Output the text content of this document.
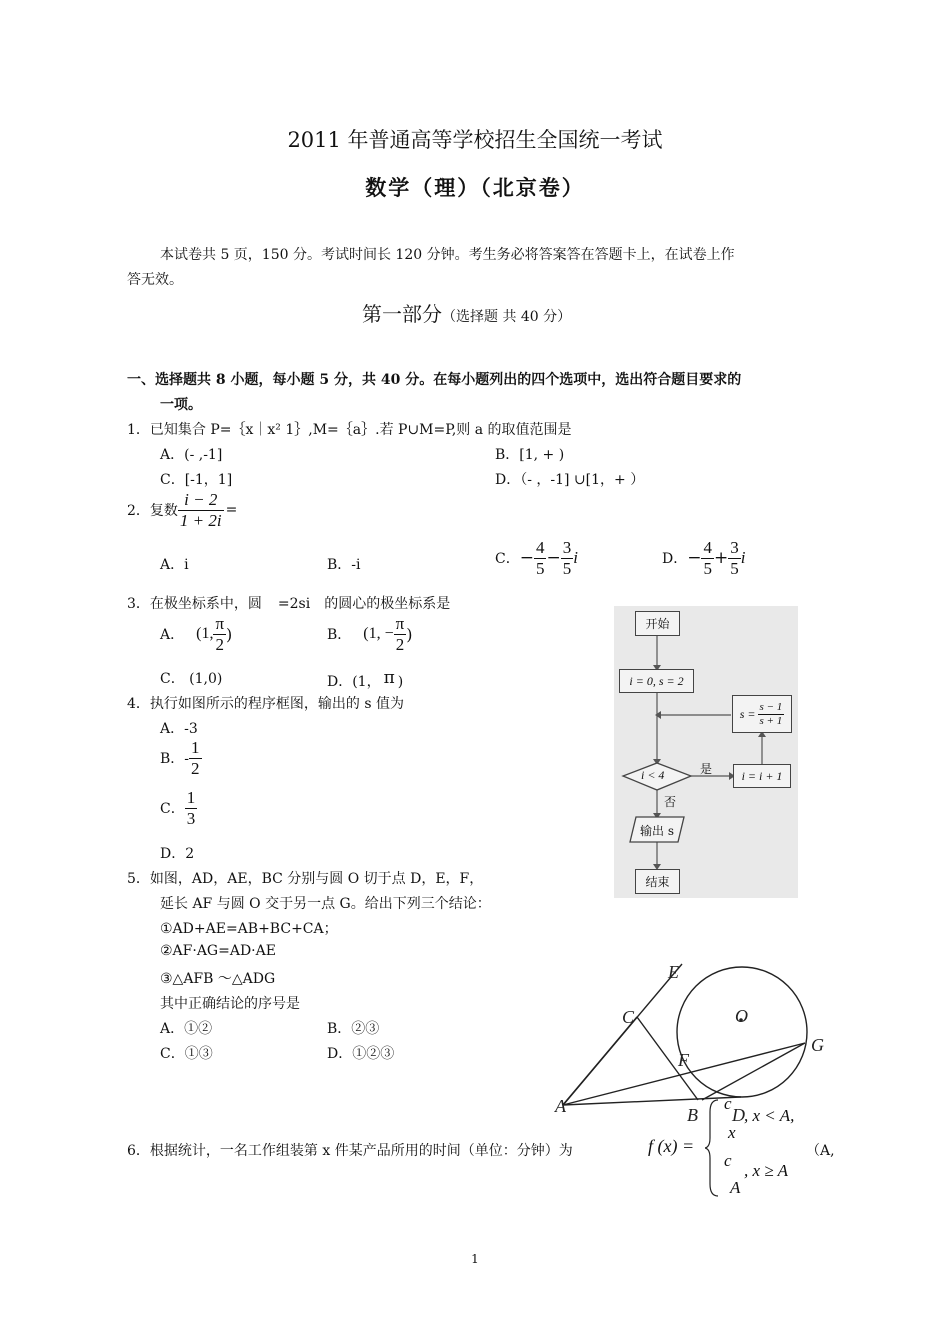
2011 年普通高等学校招生全国统一考试
数学（理）（北京卷）
本试卷共 5 页，150 分。考试时间长 120 分钟。考生务必将答案答在答题卡上，在试卷上作
答无效。
第一部分（选择题 共 40 分）
一、选择题共 8 小题，每小题 5 分，共 40 分。在每小题列出的四个选项中，选出符合题目要求的
一项。
1．已知集合 P=｛x｜x² 1｝,M=｛a｝.若 P∪M=P,则 a 的取值范围是
A．(- ,-1]	B．[1, + )
C．[-1，1]	D．（- ，-1] ∪[1，+ ）
2．复数 $\frac{i - 2}{1 + 2i}$ =
A．i	B．-i	C． − $\frac{4}{5} - \frac{3}{5}$ i	D． − $\frac{4}{5} + \frac{3}{5}$ i
3．在极坐标系中，圆 =2si 的圆心的极坐标系是
A． (1, $\frac{\pi}{2}$ )	B． (1, − $\frac{\pi}{2}$ )
C． (1,0)	D．(1， π )
4．执行如图所示的程序框图，输出的 s 值为
A．-3
B．- $\frac{1}{2}$
C． $\frac{1}{3}$
D．2
开始
i = 0, s = 2
$s = \frac{s - 1}{s + 1}$
i < 4	是
否
i = i + 1
输出 s
结束
5．如图，AD，AE，BC 分别与圆 O 切于点 D，E，F，
延长 AF 与圆 O 交于另一点 G。给出下列三个结论：
①AD+AE=AB+BC+CA；
②AF·AG=AD·AE
③△AFB ～△ADG
其中正确结论的序号是
A．①②	B．②③
C．①③	D．①②③
E
C	O
G
F
A	B D
6．根据统计，一名工作组装第 x 件某产品所用的时间（单位：分钟）为	f (x) =
c
, x < A,
x
c
, x ≥ A
A
（A,
1
